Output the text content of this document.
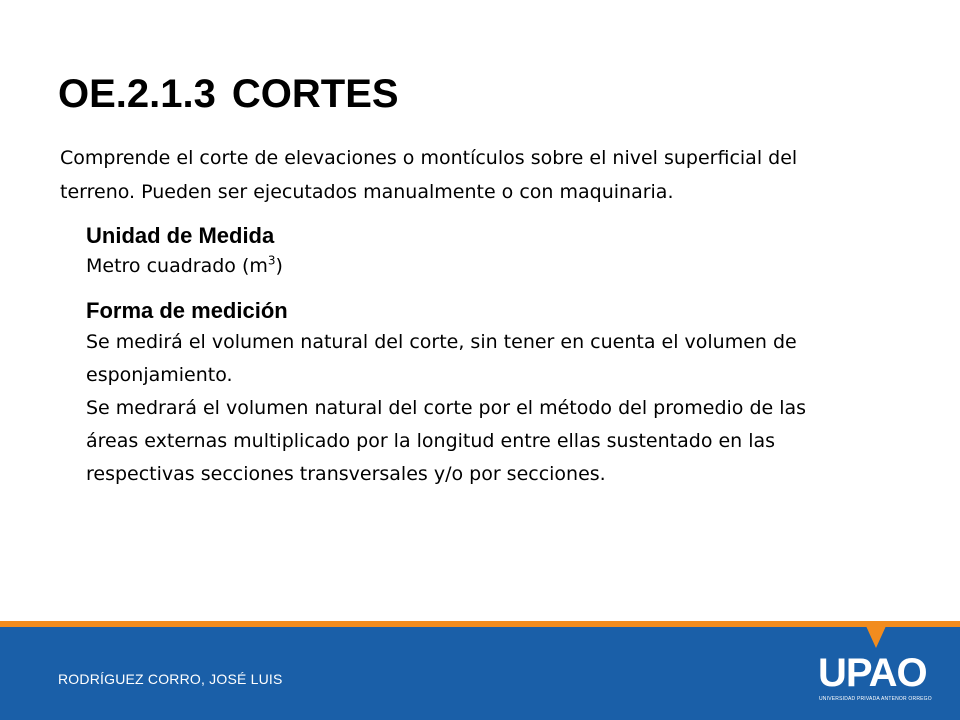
OE.2.1.3 CORTES

Comprende el corte de elevaciones o montículos sobre el nivel superficial del
terreno. Pueden ser ejecutados manualmente o con maquinaria.

Unidad de Medida

Metro cuadrado $(m^3)$

Forma de medición

Se medirá el volumen natural del corte, sin tener en cuenta el volumen de
esponjamiento.
Se medrará el volumen natural del corte por el método del promedio de las
áreas externas multiplicado por la longitud entre ellas sustentado en las
respectivas secciones transversales y/o por secciones.

RODRÍGUEZ CORRO, JOSÉ LUIS	UPAO
UNIVERSIDAD PRIVADA ANTENOR ORREGO
